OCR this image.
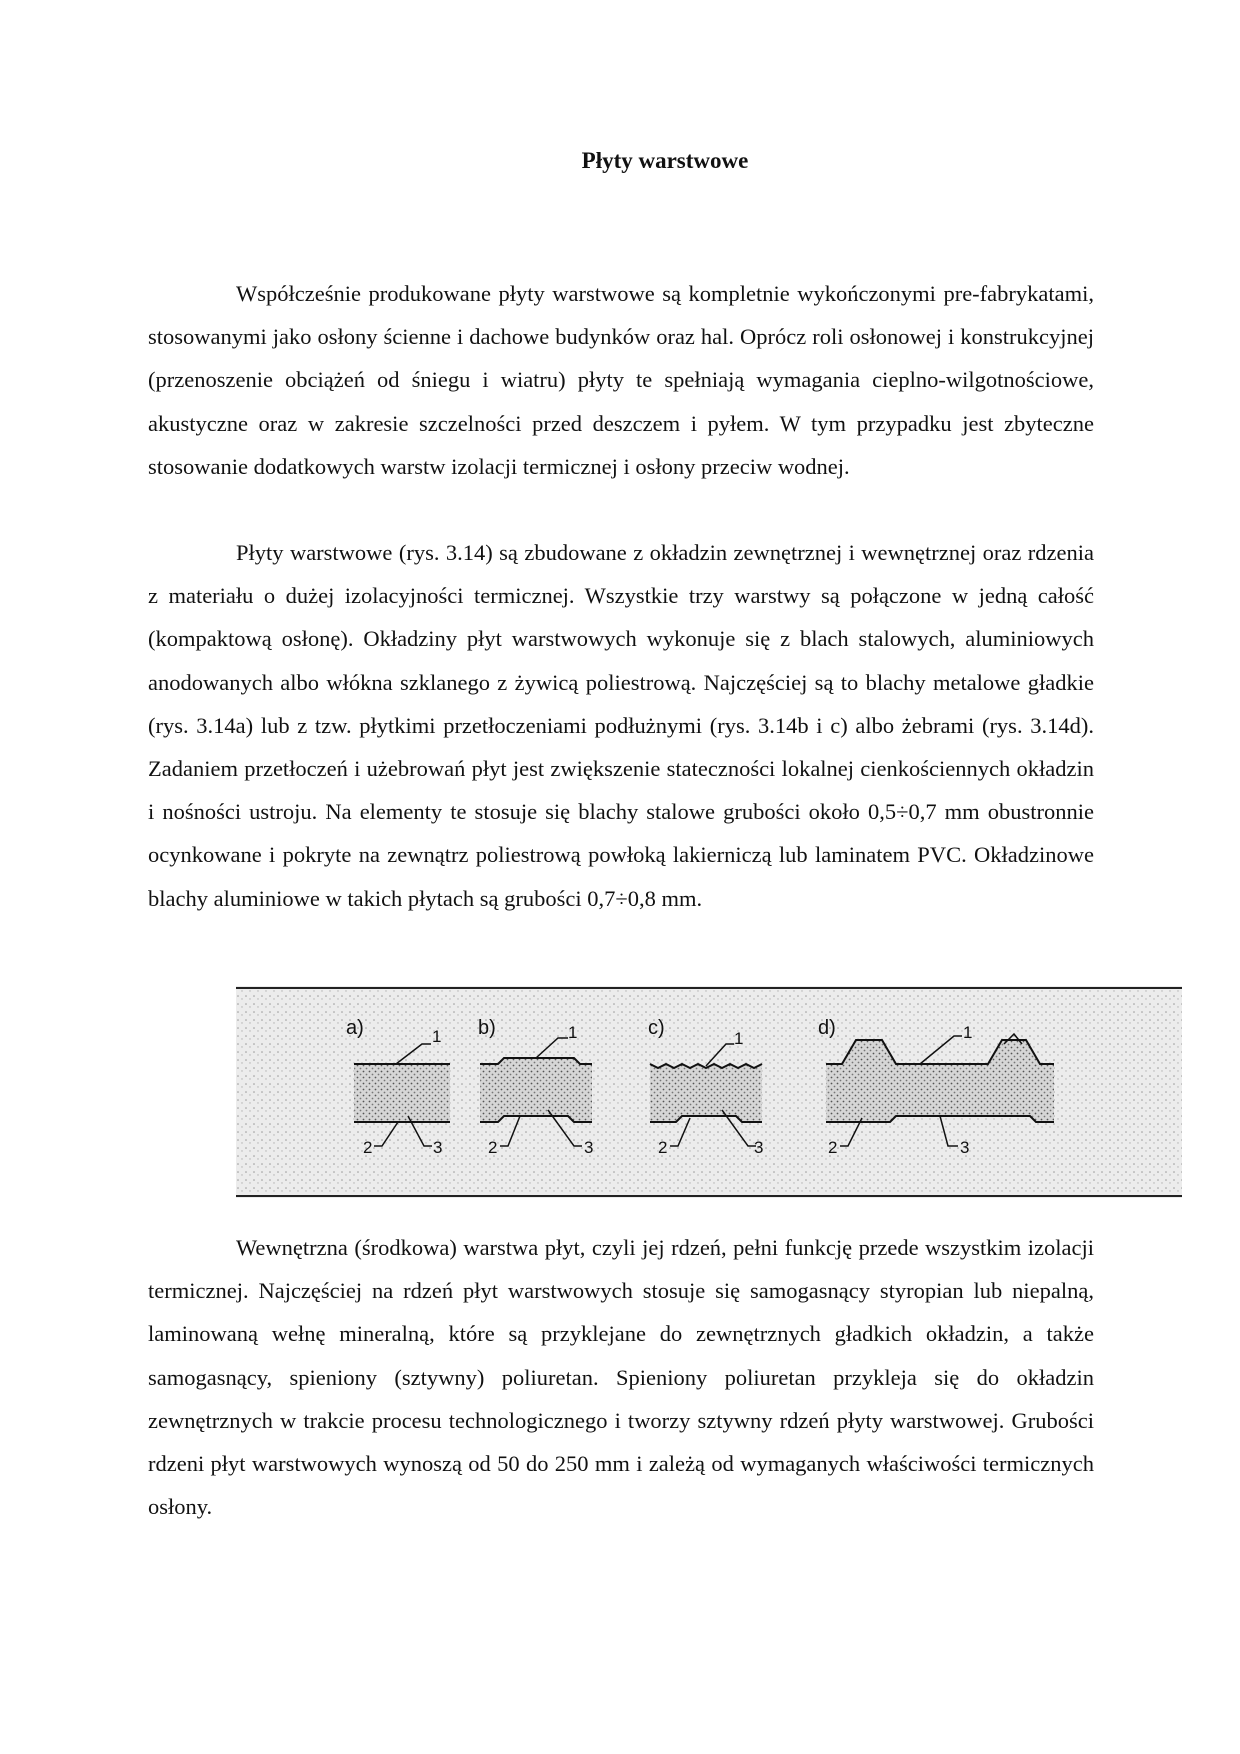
Płyty warstwowe

Współcześnie produkowane płyty warstwowe są kompletnie wykończonymi pre-fabrykatami, stosowanymi jako osłony ścienne i dachowe budynków oraz hal. Oprócz roli osłonowej i konstrukcyjnej (przenoszenie obciążeń od śniegu i wiatru) płyty te spełniają wymagania cieplno-wilgotnościowe, akustyczne oraz w zakresie szczelności przed deszczem i pyłem. W tym przypadku jest zbyteczne stosowanie dodatkowych warstw izolacji termicznej i osłony przeciw wodnej.

Płyty warstwowe (rys. 3.14) są zbudowane z okładzin zewnętrznej i wewnętrznej oraz rdzenia z materiału o dużej izolacyjności termicznej. Wszystkie trzy warstwy są połączone w jedną całość (kompaktową osłonę). Okładziny płyt warstwowych wykonuje się z blach stalowych, aluminiowych anodowanych albo włókna szklanego z żywicą poliestrową. Najczęściej są to blachy metalowe gładkie (rys. 3.14a) lub z tzw. płytkimi przetłoczeniami podłużnymi (rys. 3.14b i c) albo żebrami (rys. 3.14d). Zadaniem przetłoczeń i użebrowań płyt jest zwiększenie stateczności lokalnej cienkościennych okładzin i nośności ustroju. Na elementy te stosuje się blachy stalowe grubości około 0,5÷0,7 mm obustronnie ocynkowane i pokryte na zewnątrz poliestrową powłoką lakierniczą lub laminatem PVC. Okładzinowe blachy aluminiowe w takich płytach są grubości 0,7÷0,8 mm.

a)	1
2	3
b)	1
2	3
c)	1
2	3
d)	1
2	3

Wewnętrzna (środkowa) warstwa płyt, czyli jej rdzeń, pełni funkcję przede wszystkim izolacji termicznej. Najczęściej na rdzeń płyt warstwowych stosuje się samogasnący styropian lub niepalną, laminowaną wełnę mineralną, które są przyklejane do zewnętrznych gładkich okładzin, a także samogasnący, spieniony (sztywny) poliuretan. Spieniony poliuretan przykleja się do okładzin zewnętrznych w trakcie procesu technologicznego i tworzy sztywny rdzeń płyty warstwowej. Grubości rdzeni płyt warstwowych wynoszą od 50 do 250 mm i zależą od wymaganych właściwości termicznych osłony.
